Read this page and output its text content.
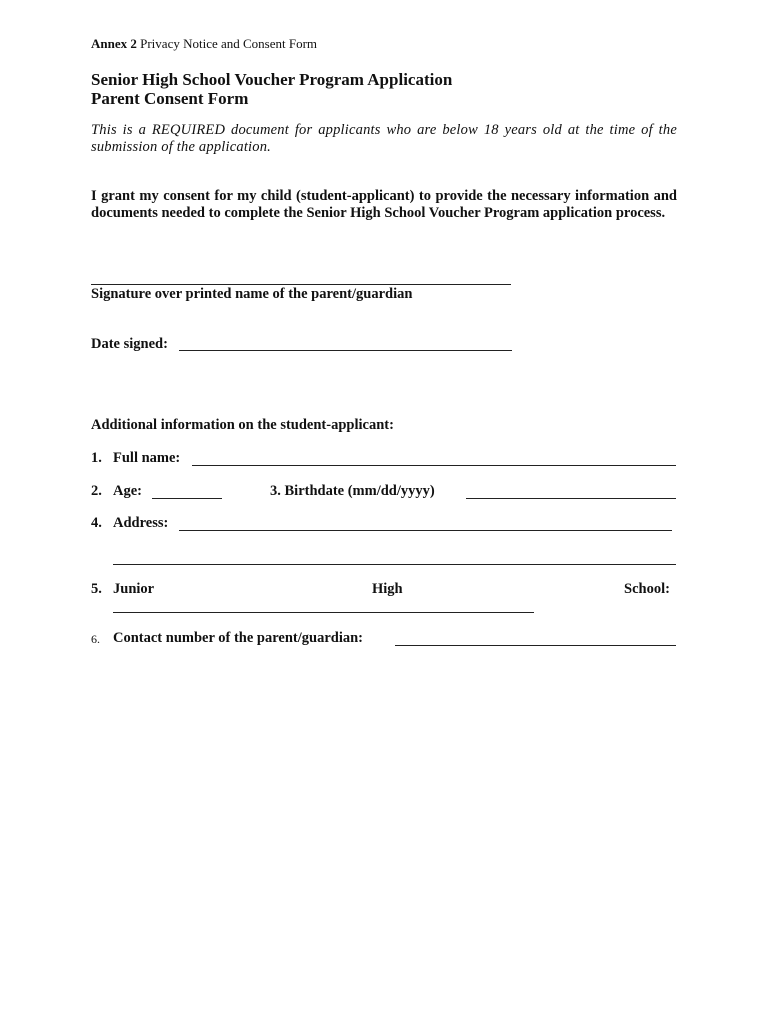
Annex 2 Privacy Notice and Consent Form
Senior High School Voucher Program Application
Parent Consent Form
This is a REQUIRED document for applicants who are below 18 years old at the time of the submission of the application.
I grant my consent for my child (student-applicant) to provide the necessary information and documents needed to complete the Senior High School Voucher Program application process.
Signature over printed name of the parent/guardian
Date signed:
Additional information on the student-applicant:
1. Full name:
2. Age:	3. Birthdate (mm/dd/yyyy)
4. Address:
5. Junior	High	School:
6. Contact number of the parent/guardian:
